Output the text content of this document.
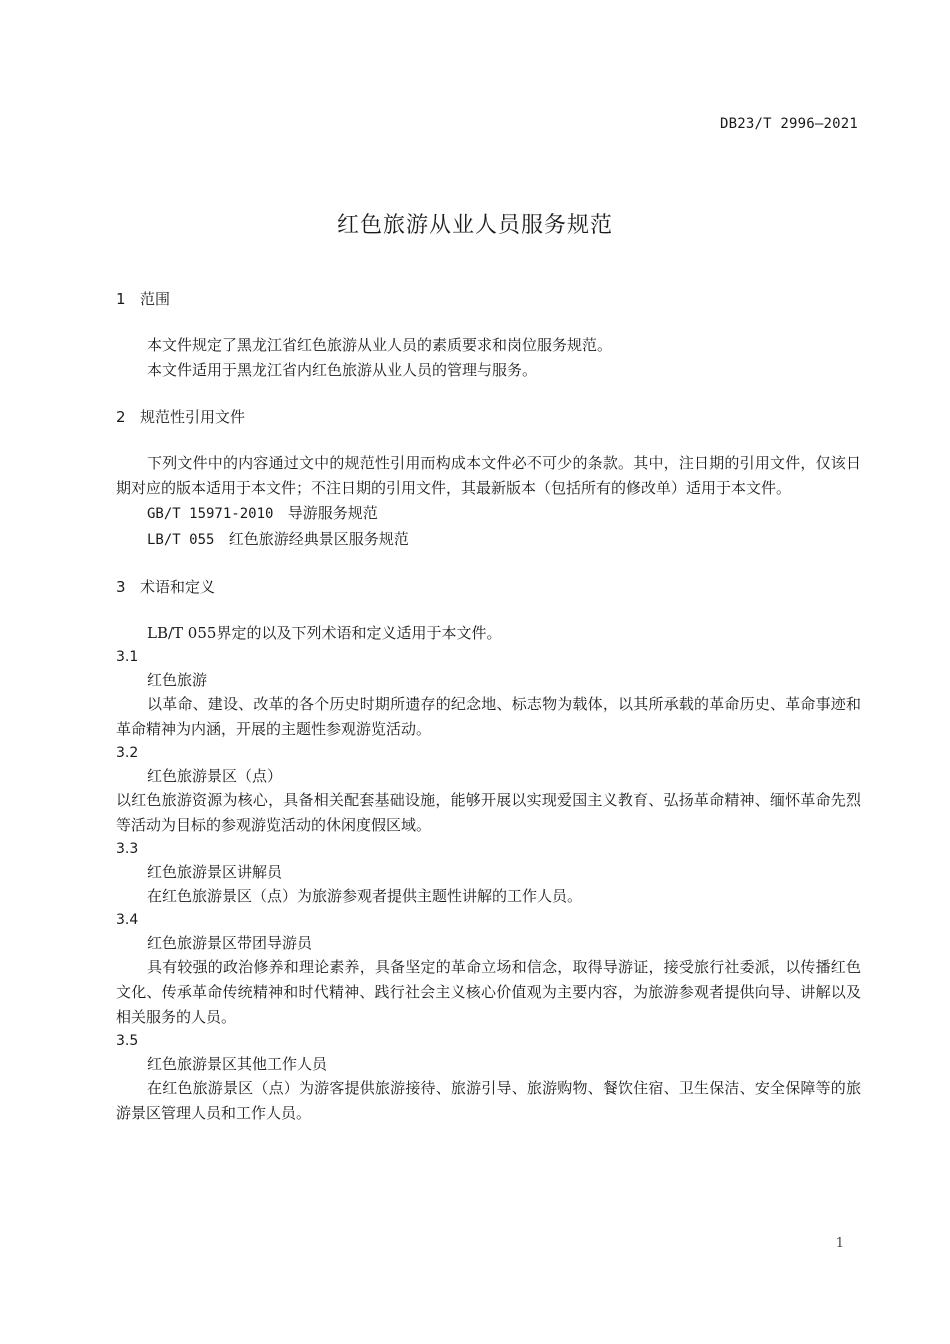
DB23/T 2996—2021
红色旅游从业人员服务规范
1 范围
本文件规定了黑龙江省红色旅游从业人员的素质要求和岗位服务规范。
本文件适用于黑龙江省内红色旅游从业人员的管理与服务。
2 规范性引用文件
下列文件中的内容通过文中的规范性引用而构成本文件必不可少的条款。其中，注日期的引用文件，仅该日期对应的版本适用于本文件；不注日期的引用文件，其最新版本（包括所有的修改单）适用于本文件。
GB/T 15971-2010 导游服务规范
LB/T 055 红色旅游经典景区服务规范
3 术语和定义
LB/T 055界定的以及下列术语和定义适用于本文件。
3.1
红色旅游
以革命、建设、改革的各个历史时期所遗存的纪念地、标志物为载体，以其所承载的革命历史、革命事迹和革命精神为内涵，开展的主题性参观游览活动。
3.2
红色旅游景区（点）
以红色旅游资源为核心，具备相关配套基础设施，能够开展以实现爱国主义教育、弘扬革命精神、缅怀革命先烈等活动为目标的参观游览活动的休闲度假区域。
3.3
红色旅游景区讲解员
在红色旅游景区（点）为旅游参观者提供主题性讲解的工作人员。
3.4
红色旅游景区带团导游员
具有较强的政治修养和理论素养，具备坚定的革命立场和信念，取得导游证，接受旅行社委派，以传播红色文化、传承革命传统精神和时代精神、践行社会主义核心价值观为主要内容，为旅游参观者提供向导、讲解以及相关服务的人员。
3.5
红色旅游景区其他工作人员
在红色旅游景区（点）为游客提供旅游接待、旅游引导、旅游购物、餐饮住宿、卫生保洁、安全保障等的旅游景区管理人员和工作人员。
1
